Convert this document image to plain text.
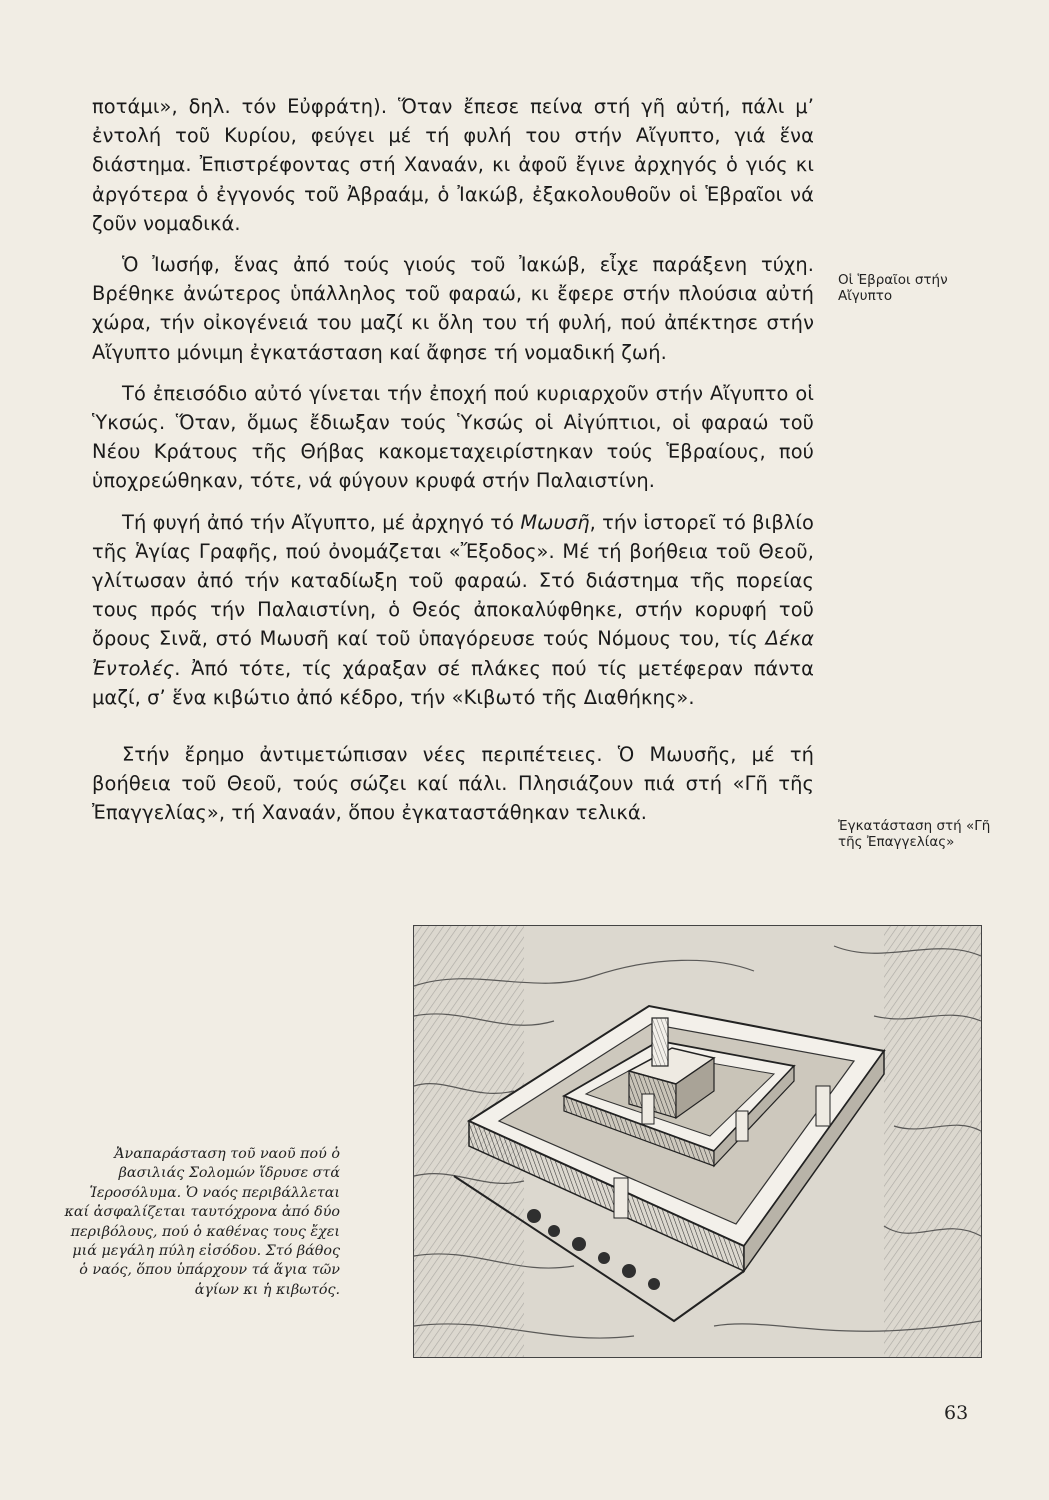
ποτάμι», δηλ. τόν Εὐφράτη). Ὅταν ἔπεσε πείνα στή γῆ αὐτή, πάλι μ’ ἐντολή τοῦ Κυρίου, φεύγει μέ τή φυλή του στήν Αἴγυπτο, γιά ἕνα διάστημα. Ἐπιστρέφοντας στή Χαναάν, κι ἀφοῦ ἔγινε ἀρχηγός ὁ γιός κι ἀργότερα ὁ ἐγγονός τοῦ Ἀβραάμ, ὁ Ἰακώβ, ἐξακολουθοῦν οἱ Ἑβραῖοι νά ζοῦν νομαδικά.

Ὁ Ἰωσήφ, ἕνας ἀπό τούς γιούς τοῦ Ἰακώβ, εἶχε παράξενη τύχη. Βρέθηκε ἀνώτερος ὑπάλληλος τοῦ φαραώ, κι ἔφερε στήν πλούσια αὐτή χώρα, τήν οἰκογένειά του μαζί κι ὅλη του τή φυλή, πού ἀπέκτησε στήν Αἴγυπτο μόνιμη ἐγκατάσταση καί ἄφησε τή νομαδική ζωή.

Τό ἐπεισόδιο αὐτό γίνεται τήν ἐποχή πού κυριαρχοῦν στήν Αἴγυπτο οἱ Ὑκσώς. Ὅταν, ὅμως ἔδιωξαν τούς Ὑκσώς οἱ Αἰγύπτιοι, οἱ φαραώ τοῦ Νέου Κράτους τῆς Θήβας κακομεταχειρίστηκαν τούς Ἑβραίους, πού ὑποχρεώθηκαν, τότε, νά φύγουν κρυφά στήν Παλαιστίνη.

Τή φυγή ἀπό τήν Αἴγυπτο, μέ ἀρχηγό τό Μωυσῆ, τήν ἱστορεῖ τό βιβλίο τῆς Ἁγίας Γραφῆς, πού ὀνομάζεται «Ἔξοδος». Μέ τή βοήθεια τοῦ Θεοῦ, γλίτωσαν ἀπό τήν καταδίωξη τοῦ φαραώ. Στό διάστημα τῆς πορείας τους πρός τήν Παλαιστίνη, ὁ Θεός ἀποκαλύφθηκε, στήν κορυφή τοῦ ὄρους Σινᾶ, στό Μωυσῆ καί τοῦ ὑπαγόρευσε τούς Νόμους του, τίς Δέκα Ἐντολές. Ἀπό τότε, τίς χάραξαν σέ πλάκες πού τίς μετέφεραν πάντα μαζί, σ’ ἕνα κιβώτιο ἀπό κέδρο, τήν «Κιβωτό τῆς Διαθήκης».

Στήν ἔρημο ἀντιμετώπισαν νέες περιπέτειες. Ὁ Μωυσῆς, μέ τή βοήθεια τοῦ Θεοῦ, τούς σώζει καί πάλι. Πλησιάζουν πιά στή «Γῆ τῆς Ἐπαγγελίας», τή Χαναάν, ὅπου ἐγκαταστάθηκαν τελικά.

Οἱ Ἑβραῖοι στήν Αἴγυπτο
Ἐγκατάσταση στή «Γῆ τῆς Ἐπαγγελίας»
Ἀναπαράσταση τοῦ ναοῦ πού ὁ βασιλιάς Σολομών ἵδρυσε στά Ἱεροσόλυμα. Ὁ ναός περιβάλλεται καί ἀσφαλίζεται ταυτόχρονα ἀπό δύο περιβόλους, πού ὁ καθένας τους ἔχει μιά μεγάλη πύλη εἰσόδου. Στό βάθος ὁ ναός, ὅπου ὑπάρχουν τά ἅγια τῶν ἁγίων κι ἡ κιβωτός.
63
